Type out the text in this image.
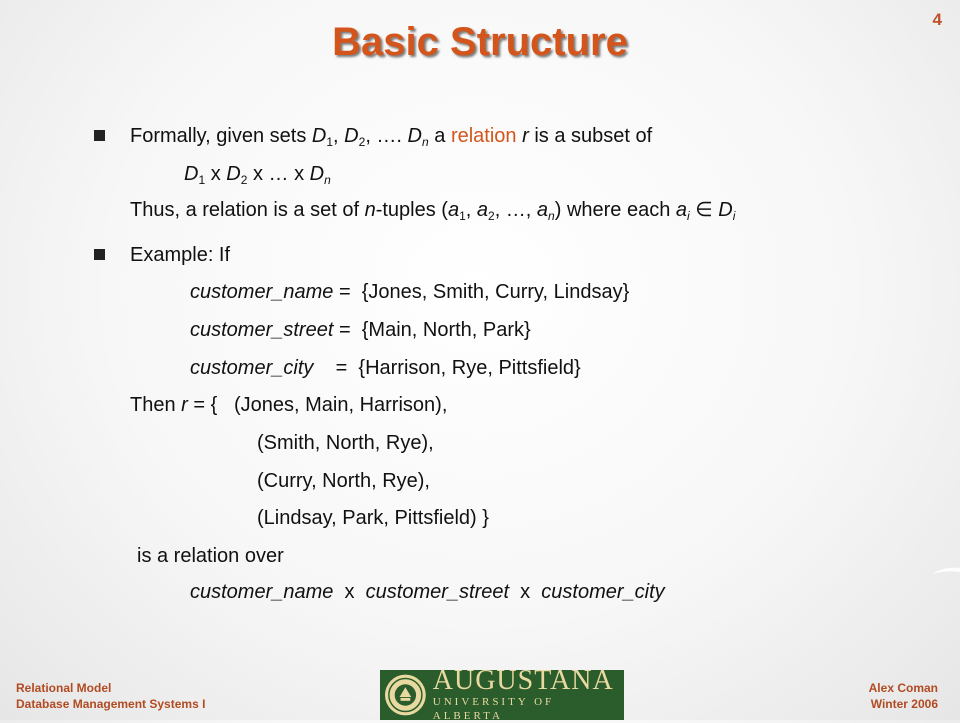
4
Basic Structure
Formally, given sets $D_1$, $D_2$, …. $D_n$ a relation r is a subset of
$D_1$ x $D_2$ x … x $D_n$
Thus, a relation is a set of n-tuples ($a_1$, $a_2$, …, $a_n$) where each $a_i$ ∈ $D_i$
Example: If
customer_name =  {Jones, Smith, Curry, Lindsay}
customer_street =  {Main, North, Park}
customer_city    =  {Harrison, Rye, Pittsfield}
Then r = {   (Jones, Main, Harrison),
(Smith, North, Rye),
(Curry, North, Rye),
(Lindsay, Park, Pittsfield) }
is a relation over
customer_name  x  customer_street  x  customer_city
Relational Model
Database Management Systems I
AUGUSTANA
UNIVERSITY OF ALBERTA
Alex Coman
Winter 2006
